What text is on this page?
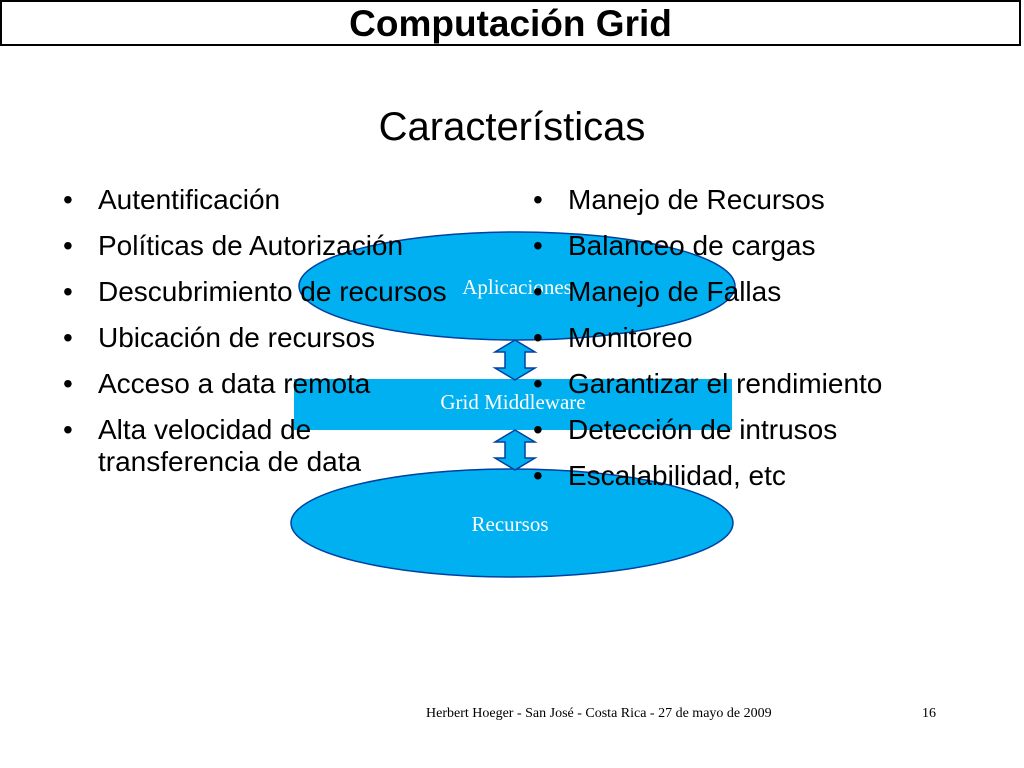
Computación Grid
Características
Aplicaciones
Grid Middleware
Recursos
• Autentificación
• Políticas de Autorización
• Descubrimiento de recursos
• Ubicación de recursos
• Acceso a data remota
• Alta velocidad de transferencia de data
• Manejo de Recursos
• Balanceo de cargas
• Manejo de Fallas
• Monitoreo
• Garantizar el rendimiento
• Detección de intrusos
• Escalabilidad, etc
Herbert Hoeger - San José - Costa Rica - 27 de mayo de 2009	16
